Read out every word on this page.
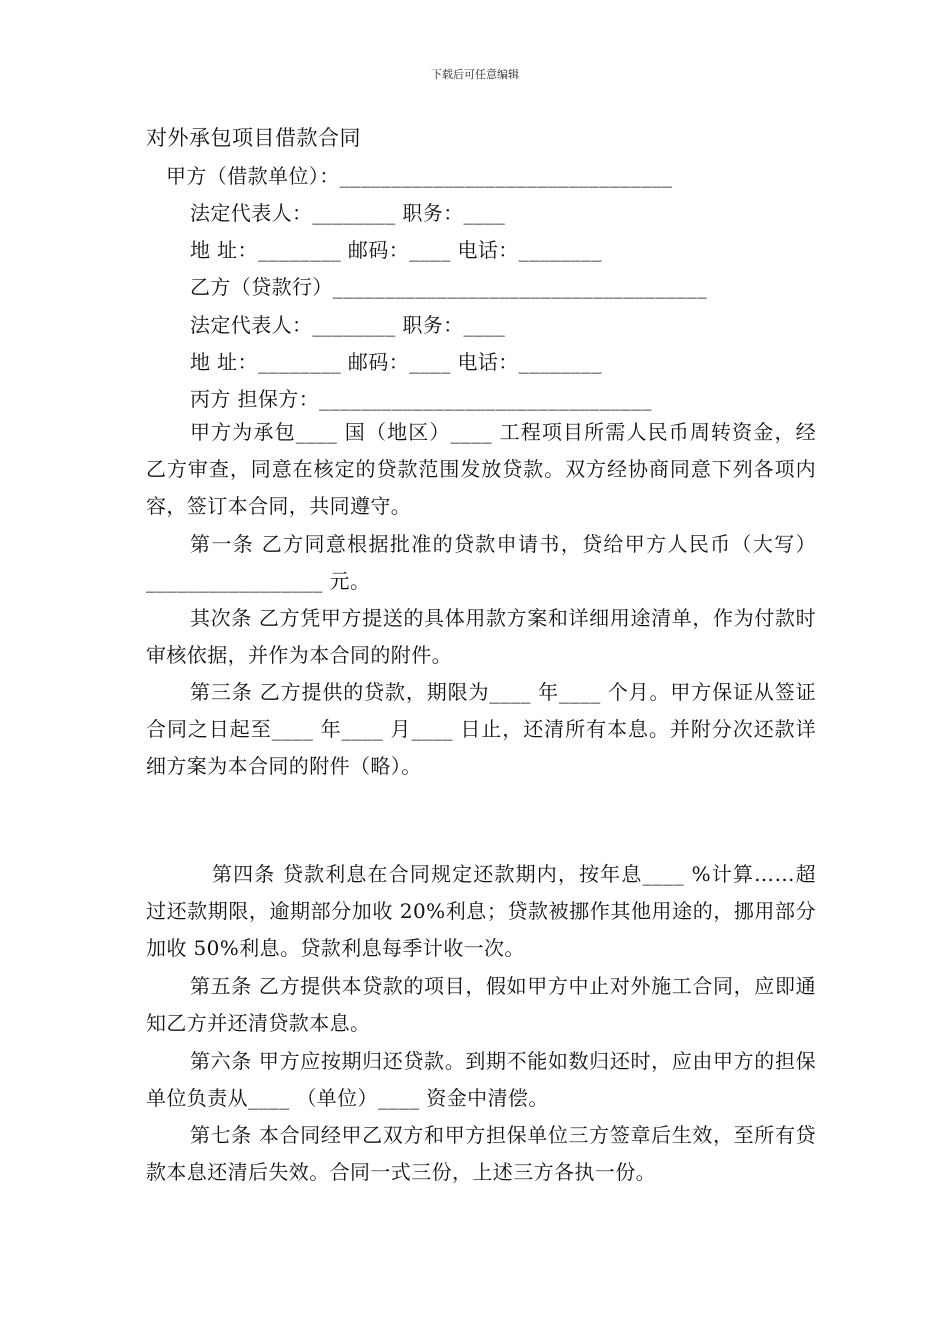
下载后可任意编辑
对外承包项目借款合同
甲方（借款单位）：________________________________
法定代表人：________ 职务：____
地 址：________ 邮码：____ 电话：________
乙方（贷款行）____________________________________
法定代表人：________ 职务：____
地 址：________ 邮码：____ 电话：________
丙方 担保方：________________________________
甲方为承包____ 国（地区）____ 工程项目所需人民币周转资金，经乙方审查，同意在核定的贷款范围发放贷款。双方经协商同意下列各项内容，签订本合同，共同遵守。
第一条 乙方同意根据批准的贷款申请书，贷给甲方人民币（大写）_________________ 元。
其次条 乙方凭甲方提送的具体用款方案和详细用途清单，作为付款时审核依据，并作为本合同的附件。
第三条 乙方提供的贷款，期限为____ 年____ 个月。甲方保证从签证合同之日起至____ 年____ 月____ 日止，还清所有本息。并附分次还款详细方案为本合同的附件（略）。
第四条 贷款利息在合同规定还款期内，按年息____ %计算……超过还款期限，逾期部分加收 20%利息；贷款被挪作其他用途的，挪用部分加收 50%利息。贷款利息每季计收一次。
第五条 乙方提供本贷款的项目，假如甲方中止对外施工合同，应即通知乙方并还清贷款本息。
第六条 甲方应按期归还贷款。到期不能如数归还时，应由甲方的担保单位负责从____ （单位）____ 资金中清偿。
第七条 本合同经甲乙双方和甲方担保单位三方签章后生效，至所有贷款本息还清后失效。合同一式三份，上述三方各执一份。
